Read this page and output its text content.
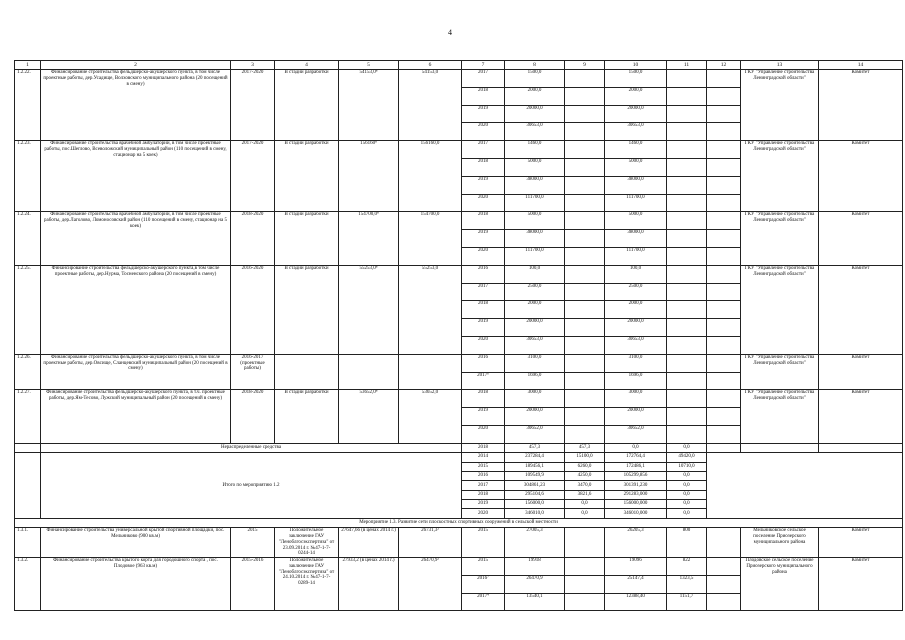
4
1	2	3	4	5	6	7	8	9	10	11	12	13	14
1.2.22.	Финансирование строительства фельдшерско-акушерского пункта, в том числе проектные работы, дер.Усадище, Волховского муниципального района (20 посещений в смену)	2017-2020	В стадии разработки	54153,0⁸	54153,0	2017	1500,0		1500,0			ГКУ "Управление строительства Ленинградской области"	Комитет
						2018	2000,0		2000,0				
						2019	20000,0		20000,0				
						2020	30653,0		30653,0				
1.2.23.	Финансирование строительства врачебной амбулатории, в том числе проектные работы, пос.Шеглово, Всеволожский муниципальный район (110 посещений в смену, стационар на 5 коек)	2017-2020	В стадии разработки	156160⁸	156160,0	2017	1460,0		1460,0			ГКУ "Управление строительства Ленинградской области"	Комитет
						2018	5000,0		5000,0				
						2019	38000,0		38000,0				
						2020	111700,0		111700,0				
1.2.24.	Финансирование строительства врачебной амбулатории, в том числе проектные работы, дер.Лаголово, Ломоносовский район (110 посещений в смену, стационар на 5 коек)	2018-2020	В стадии разработки	154700,0⁸	154700,0	2018	5000,0		5000,0			ГКУ "Управление строительства Ленинградской области"	Комитет
						2019	38000,0		38000,0				
						2020	111700,0		111700,0				
1.2.25.	Финансирование строительства фельдшерско-акушерского пункта,в том числе проектные работы, дер.Нурма, Тосненского района (20 посещений в смену)	2016-2020	В стадии разработки	55253,0⁸	55253,0	2016	100,0		100,0			ГКУ "Управление строительства Ленинградской области"	Комитет
						2017	2500,0		2500,0				
						2018	2000,0		2000,0				
						2019	20000,0		20000,0				
						2020	30653,0		30653,0				
1.2.26.	Финансирование строительства фельдшерско-акушерского пункта, в том числе проектные работы, дер.Овсище, Сланцевский муниципальный район (20 посещений в смену)	2016-2017 (проектные работы)				2016	3100,0		3100,0			ГКУ "Управление строительства Ленинградской области"	Комитет
						2017⁶	1696,0		1696,0				
1.2.27.	Финансирование строительства фельдшерско-акушерского пункта, в т.ч. проектные работы, дер.Ям-Тесово, Лужский муниципальный район (20 посещений в смену)	2018-2020	В стадии разработки	53652,0⁸	53652,0	2018	3000,0		3000,0			ГКУ "Управление строительства Ленинградской области"	Комитет
						2019	20000,0		20000,0				
						2020	30652,0		30652,0				
	Нераспределенные средства					2018	457,3	457,3	0,0	0,0			
	Итого по мероприятию 1.2					2014	237284,4	15100,0	172764,4	49420,0			
						2015	189456,1	6260,0	172486,1	10710,0			
						2016	109549,9	4250,0	105299,856	0,0			
						2017	304861,23	3470,0	301391,230	0,0			
						2018	295104,6	3821,6	291283,000	0,0			
						2019	156000,0	0,0	156000,000	0,0			
						2020	346010,0	0,0	346010,000	0,0			
Мероприятие 1.3. Развитие сети плоскостных спортивных сооружений в сельской местности													
1.3.1.	Финансирование строительства универсальной крытой спортивной площадки, пос. Мельниково (900 кв.м)	2015	Положительное заключение ГАУ "Леноблгосэкспертиза" от 23.09.2014 г. №47-1-7-0244-14	27647,66 (в ценах 2014 г.)	26731,3²	2015	27005,3		26205,3	800		Мельниковское сельское поселение Приозерского муниципального района	Комитет
1.3.2.	Финансирование строительства крытого корта для городошного спорта , пос. Плодовое (963 кв.м)	2015-2016	Положительное заключение ГАУ "Леноблгосэкспертиза" от 24.10.2014 г. №47-1-7-0289-14	27933,2 (в ценах 2014 г.)	26470,9²	2015	19918		19096	822		Плодовское сельское поселение Приозерского муниципального района	Комитет
						2016⁷	26470,9		25147,4	1323,5			
						2017⁴	13540,1		12388,40	1151,7			
